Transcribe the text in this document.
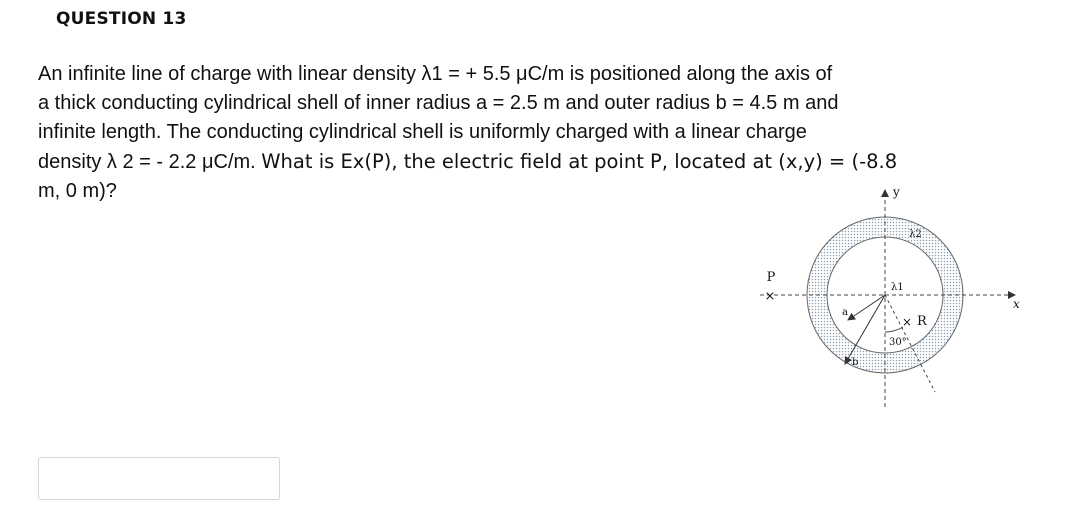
QUESTION 13
An infinite line of charge with linear density λ1 = + 5.5 μC/m is positioned along the axis of
a thick conducting cylindrical shell of inner radius a = 2.5 m and outer radius b = 4.5 m and
infinite length. The conducting cylindrical shell is uniformly charged with a linear charge
density λ 2 = - 2.2 μC/m. What is Ex(P), the electric field at point P, located at (x,y) = (-8.8
m, 0 m)?
×
P
× R
y
x
λ2
λ1
a
b
30°
